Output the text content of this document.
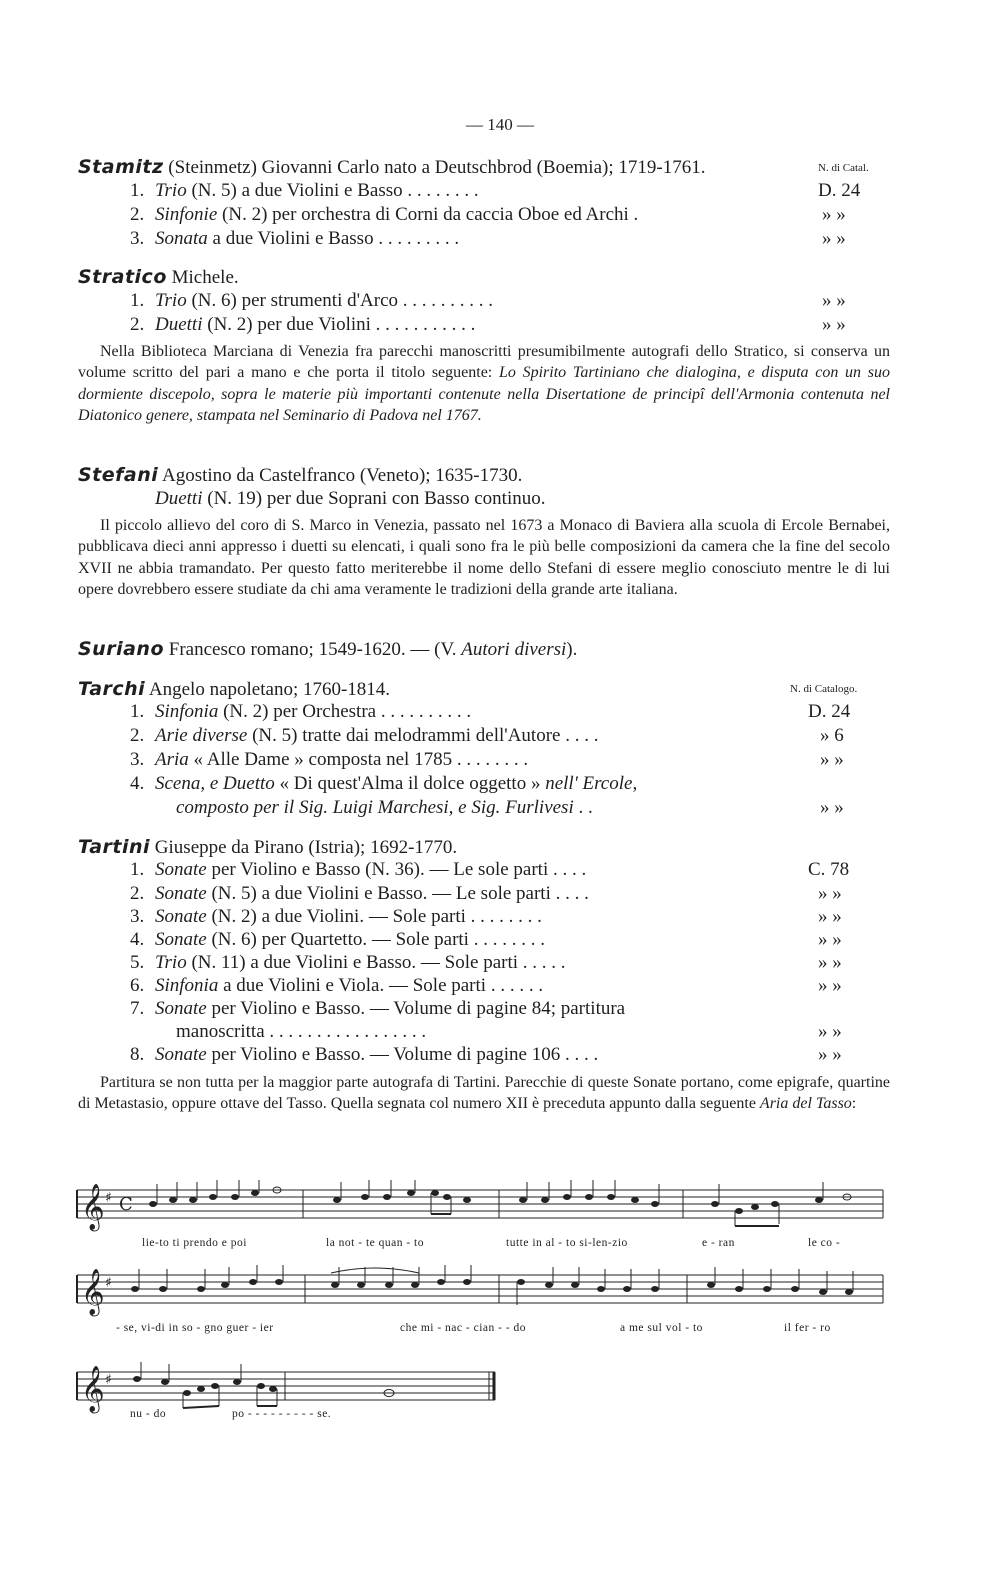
— 140 —
Stamitz (Steinmetz) Giovanni Carlo nato a Deutschbrod (Boemia); 1719-1761.	N. di Catal.
1. Trio (N. 5) a due Violini e Basso . . . . . . . .	D. 24
2. Sinfonie (N. 2) per orchestra di Corni da caccia Oboe ed Archi .	» »
3. Sonata a due Violini e Basso . . . . . . . . .	» »
Stratico Michele.
1. Trio (N. 6) per strumenti d'Arco . . . . . . . . . .	» »
2. Duetti (N. 2) per due Violini . . . . . . . . . . .	» »
Nella Biblioteca Marciana di Venezia fra parecchi manoscritti presumibilmente autografi dello Stratico, si conserva un volume scritto del pari a mano e che porta il titolo seguente: Lo Spirito Tartiniano che dialogina, e disputa con un suo dormiente discepolo, sopra le materie più importanti contenute nella Disertatione de principî dell'Armonia contenuta nel Diatonico genere, stampata nel Seminario di Padova nel 1767.
Stefani Agostino da Castelfranco (Veneto); 1635-1730.
Duetti (N. 19) per due Soprani con Basso continuo.
Il piccolo allievo del coro di S. Marco in Venezia, passato nel 1673 a Monaco di Baviera alla scuola di Ercole Bernabei, pubblicava dieci anni appresso i duetti su elencati, i quali sono fra le più belle composizioni da camera che la fine del secolo XVII ne abbia tramandato. Per questo fatto meriterebbe il nome dello Stefani di essere meglio conosciuto mentre le di lui opere dovrebbero essere studiate da chi ama veramente le tradizioni della grande arte italiana.
Suriano Francesco romano; 1549-1620. — (V. Autori diversi).
Tarchi Angelo napoletano; 1760-1814.	N. di Catalogo.
1. Sinfonia (N. 2) per Orchestra . . . . . . . . . .	D. 24
2. Arie diverse (N. 5) tratte dai melodrammi dell'Autore . . . .	» 6
3. Aria « Alle Dame » composta nel 1785 . . . . . . . .	» »
4. Scena, e Duetto « Di quest'Alma il dolce oggetto » nell' Ercole,
composto per il Sig. Luigi Marchesi, e Sig. Furlivesi . .	» »
Tartini Giuseppe da Pirano (Istria); 1692-1770.
1. Sonate per Violino e Basso (N. 36). — Le sole parti . . . .	C. 78
2. Sonate (N. 5) a due Violini e Basso. — Le sole parti . . . .	» »
3. Sonate (N. 2) a due Violini. — Sole parti . . . . . . . .	» »
4. Sonate (N. 6) per Quartetto. — Sole parti . . . . . . . .	» »
5. Trio (N. 11) a due Violini e Basso. — Sole parti . . . . .	» »
6. Sinfonia a due Violini e Viola. — Sole parti . . . . . .	» »
7. Sonate per Violino e Basso. — Volume di pagine 84; partitura
manoscritta . . . . . . . . . . . . . . . . .	» »
8. Sonate per Violino e Basso. — Volume di pagine 106 . . . .	» »
Partitura se non tutta per la maggior parte autografa di Tartini. Parecchie di queste Sonate portano, come epigrafe, quartine di Metastasio, oppure ottave del Tasso. Quella segnata col numero XII è preceduta appunto dalla seguente Aria del Tasso:
𝄞 ♯ C
lie-to ti prendo e poi	la not - te quan - to	tutte in al - to si-len-zio	e - ran	le co -
𝄞 ♯
- se, vi-di in so - gno guer - ier	che mi - nac - cian - - do	a me sul vol - to	il fer - ro
𝄞 ♯
nu - do	po - - - - - - - - - se.
